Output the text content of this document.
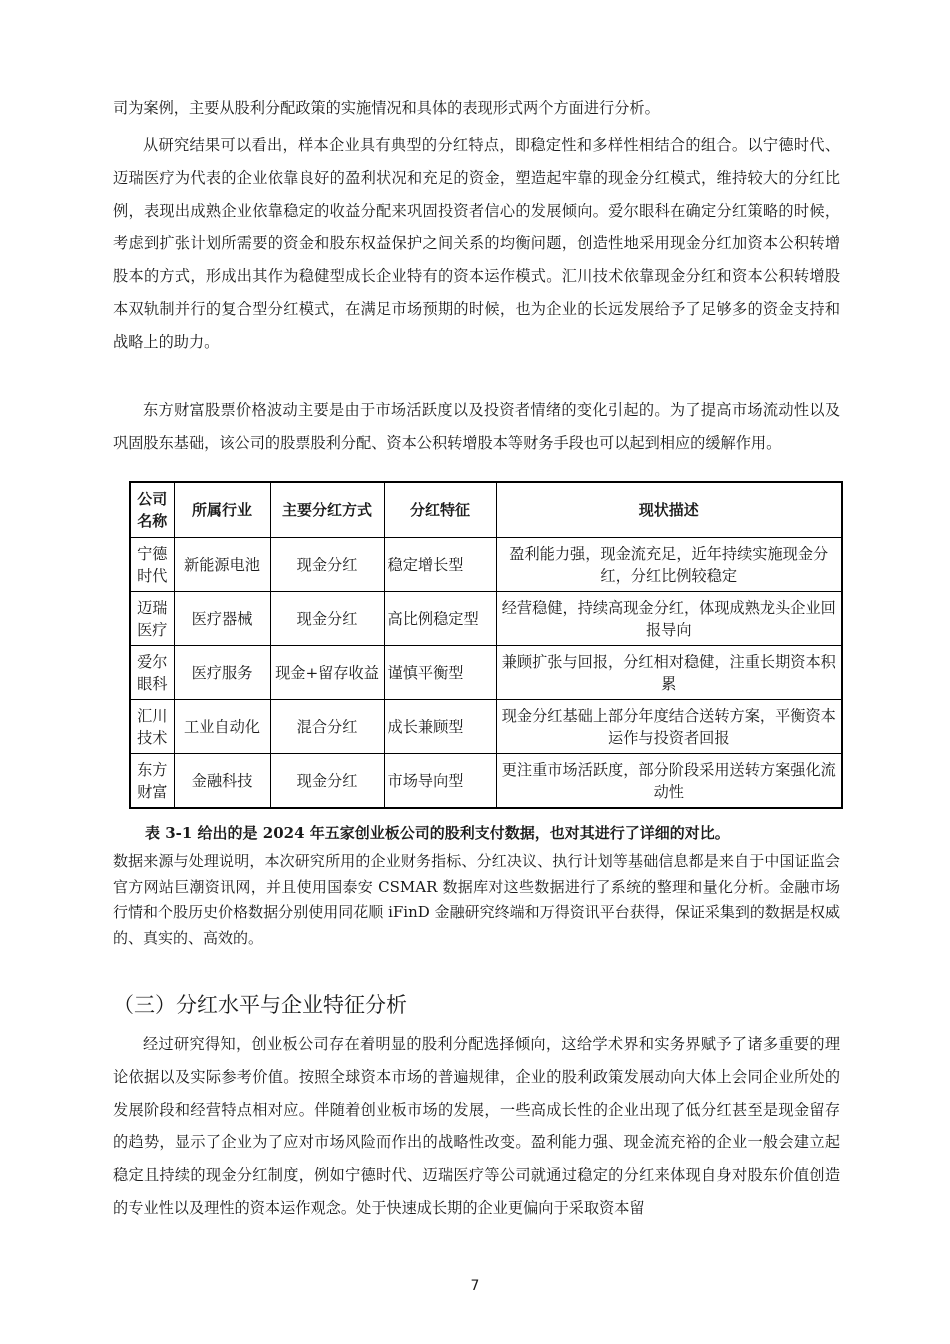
司为案例，主要从股利分配政策的实施情况和具体的表现形式两个方面进行分析。

从研究结果可以看出，样本企业具有典型的分红特点，即稳定性和多样性相结合的组合。以宁德时代、迈瑞医疗为代表的企业依靠良好的盈利状况和充足的资金，塑造起牢靠的现金分红模式，维持较大的分红比例，表现出成熟企业依靠稳定的收益分配来巩固投资者信心的发展倾向。爱尔眼科在确定分红策略的时候，考虑到扩张计划所需要的资金和股东权益保护之间关系的均衡问题，创造性地采用现金分红加资本公积转增股本的方式，形成出其作为稳健型成长企业特有的资本运作模式。汇川技术依靠现金分红和资本公积转增股本双轨制并行的复合型分红模式，在满足市场预期的时候，也为企业的长远发展给予了足够多的资金支持和战略上的助力。

东方财富股票价格波动主要是由于市场活跃度以及投资者情绪的变化引起的。为了提高市场流动性以及巩固股东基础，该公司的股票股利分配、资本公积转增股本等财务手段也可以起到相应的缓解作用。

公司名称	所属行业	主要分红方式	分红特征	现状描述
宁德时代	新能源电池	现金分红	稳定增长型	盈利能力强，现金流充足，近年持续实施现金分红，分红比例较稳定
迈瑞医疗	医疗器械	现金分红	高比例稳定型	经营稳健，持续高现金分红，体现成熟龙头企业回报导向
爱尔眼科	医疗服务	现金+留存收益	谨慎平衡型	兼顾扩张与回报，分红相对稳健，注重长期资本积累
汇川技术	工业自动化	混合分红	成长兼顾型	现金分红基础上部分年度结合送转方案，平衡资本运作与投资者回报
东方财富	金融科技	现金分红	市场导向型	更注重市场活跃度，部分阶段采用送转方案强化流动性
表 3-1 给出的是 2024 年五家创业板公司的股利支付数据，也对其进行了详细的对比。

数据来源与处理说明，本次研究所用的企业财务指标、分红决议、执行计划等基础信息都是来自于中国证监会官方网站巨潮资讯网，并且使用国泰安 CSMAR 数据库对这些数据进行了系统的整理和量化分析。金融市场行情和个股历史价格数据分别使用同花顺 iFinD 金融研究终端和万得资讯平台获得，保证采集到的数据是权威的、真实的、高效的。

（三）分红水平与企业特征分析

经过研究得知，创业板公司存在着明显的股利分配选择倾向，这给学术界和实务界赋予了诸多重要的理论依据以及实际参考价值。按照全球资本市场的普遍规律，企业的股利政策发展动向大体上会同企业所处的发展阶段和经营特点相对应。伴随着创业板市场的发展，一些高成长性的企业出现了低分红甚至是现金留存的趋势，显示了企业为了应对市场风险而作出的战略性改变。盈利能力强、现金流充裕的企业一般会建立起稳定且持续的现金分红制度，例如宁德时代、迈瑞医疗等公司就通过稳定的分红来体现自身对股东价值创造的专业性以及理性的资本运作观念。处于快速成长期的企业更偏向于采取资本留

7
